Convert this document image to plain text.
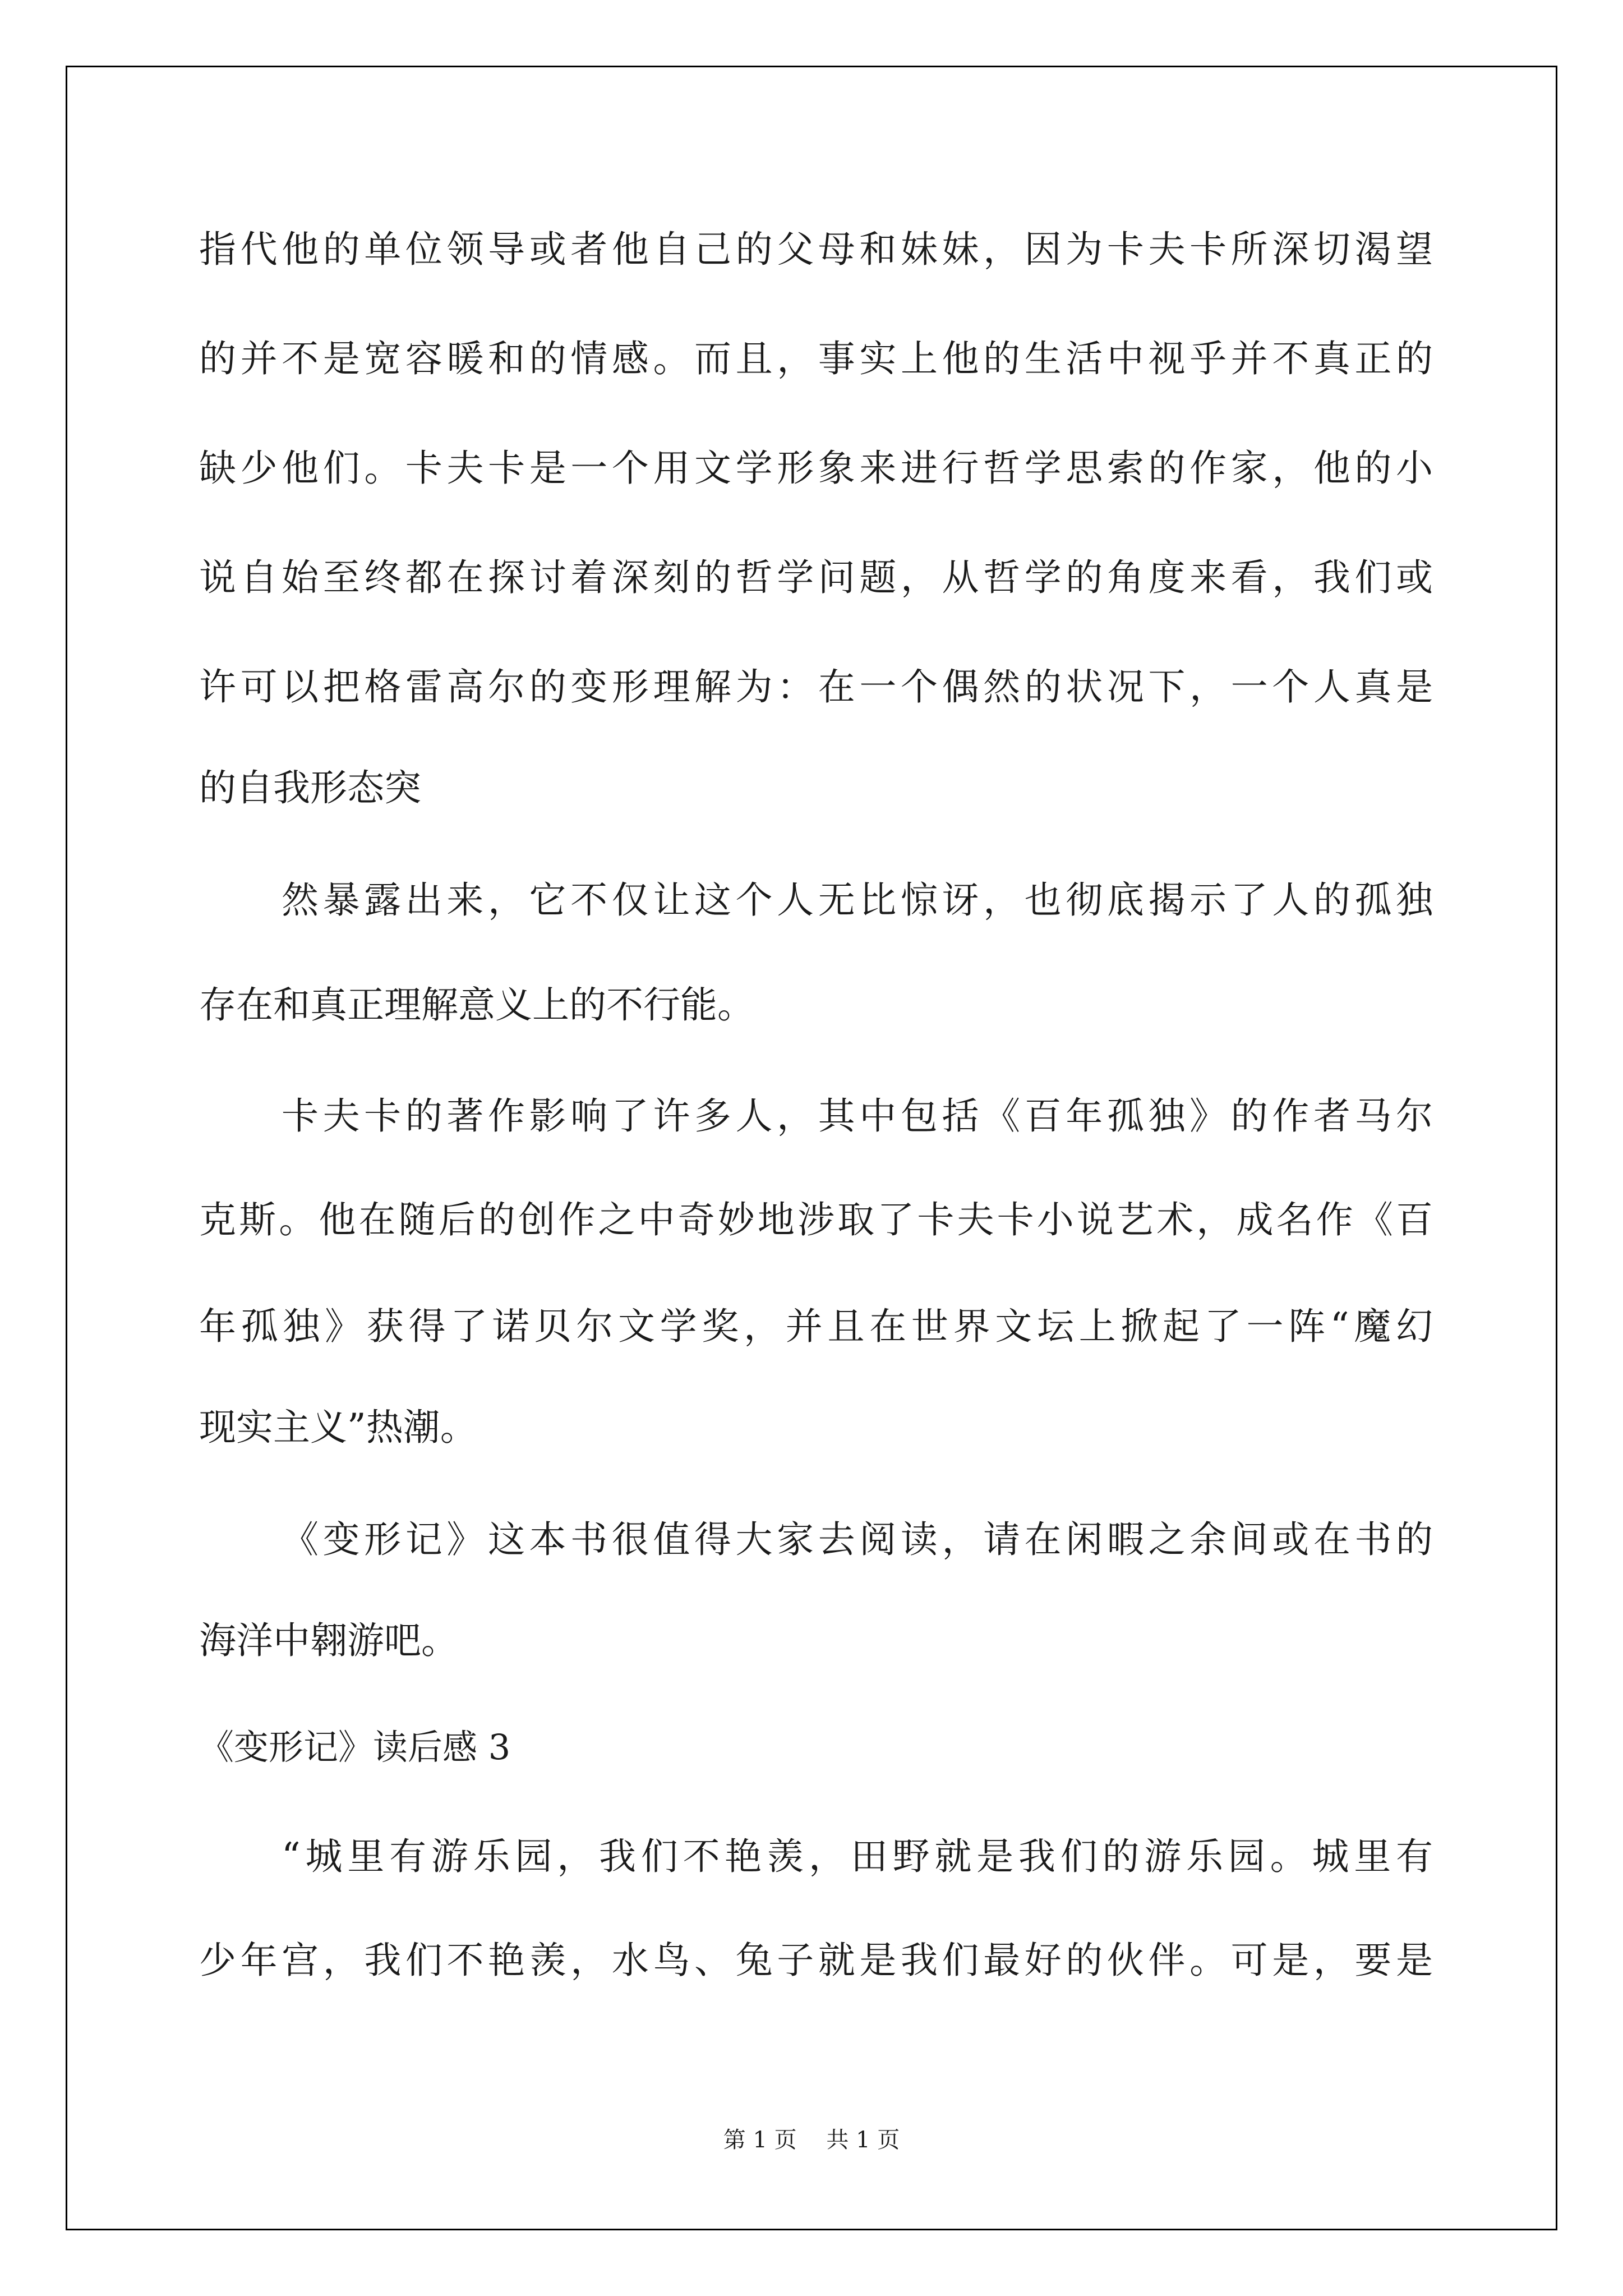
指代他的单位领导或者他自己的父母和妹妹，因为卡夫卡所深切渴望
的并不是宽容暖和的情感。而且，事实上他的生活中视乎并不真正的
缺少他们。卡夫卡是一个用文学形象来进行哲学思索的作家，他的小
说自始至终都在探讨着深刻的哲学问题，从哲学的角度来看，我们或
许可以把格雷高尔的变形理解为：在一个偶然的状况下，一个人真是
的自我形态突
然暴露出来，它不仅让这个人无比惊讶，也彻底揭示了人的孤独
存在和真正理解意义上的不行能。
卡夫卡的著作影响了许多人，其中包括《百年孤独》的作者马尔
克斯。他在随后的创作之中奇妙地涉取了卡夫卡小说艺术，成名作《百
年孤独》获得了诺贝尔文学奖，并且在世界文坛上掀起了一阵“魔幻
现实主义”热潮。
《变形记》这本书很值得大家去阅读，请在闲暇之余间或在书的
海洋中翱游吧。
《变形记》读后感 3
“城里有游乐园，我们不艳羡，田野就是我们的游乐园。城里有
少年宫，我们不艳羡，水鸟、兔子就是我们最好的伙伴。可是，要是
第 1 页 共 1 页
